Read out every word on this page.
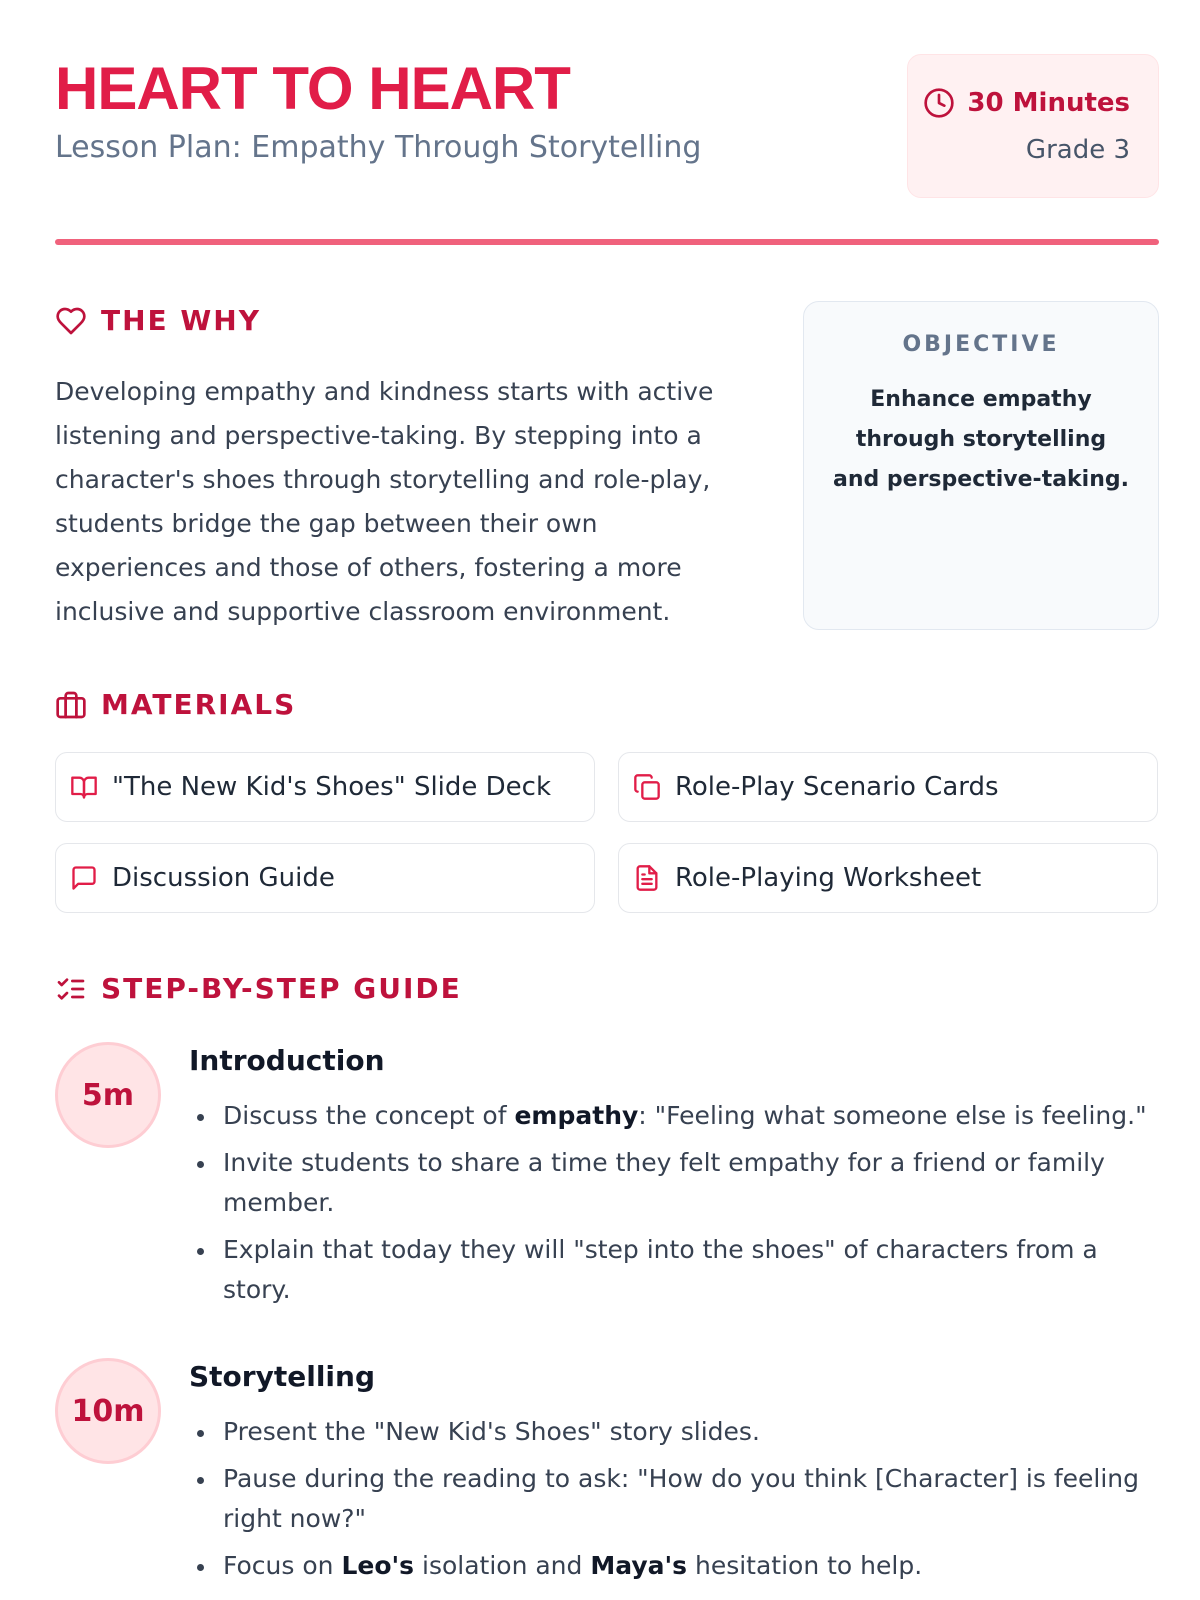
HEART TO HEART
Lesson Plan: Empathy Through Storytelling
30 Minutes
Grade 3
THE WHY
Developing empathy and kindness starts with active listening and perspective-taking. By stepping into a character's shoes through storytelling and role-play, students bridge the gap between their own experiences and those of others, fostering a more inclusive and supportive classroom environment.
OBJECTIVE
Enhance empathy through storytelling and perspective-taking.
MATERIALS
"The New Kid's Shoes" Slide Deck	Role-Play Scenario Cards
Discussion Guide	Role-Playing Worksheet
STEP-BY-STEP GUIDE
5m
Introduction
Discuss the concept of empathy: "Feeling what someone else is feeling."
Invite students to share a time they felt empathy for a friend or family member.
Explain that today they will "step into the shoes" of characters from a story.
10m
Storytelling
Present the "New Kid's Shoes" story slides.
Pause during the reading to ask: "How do you think [Character] is feeling right now?"
Focus on Leo's isolation and Maya's hesitation to help.
